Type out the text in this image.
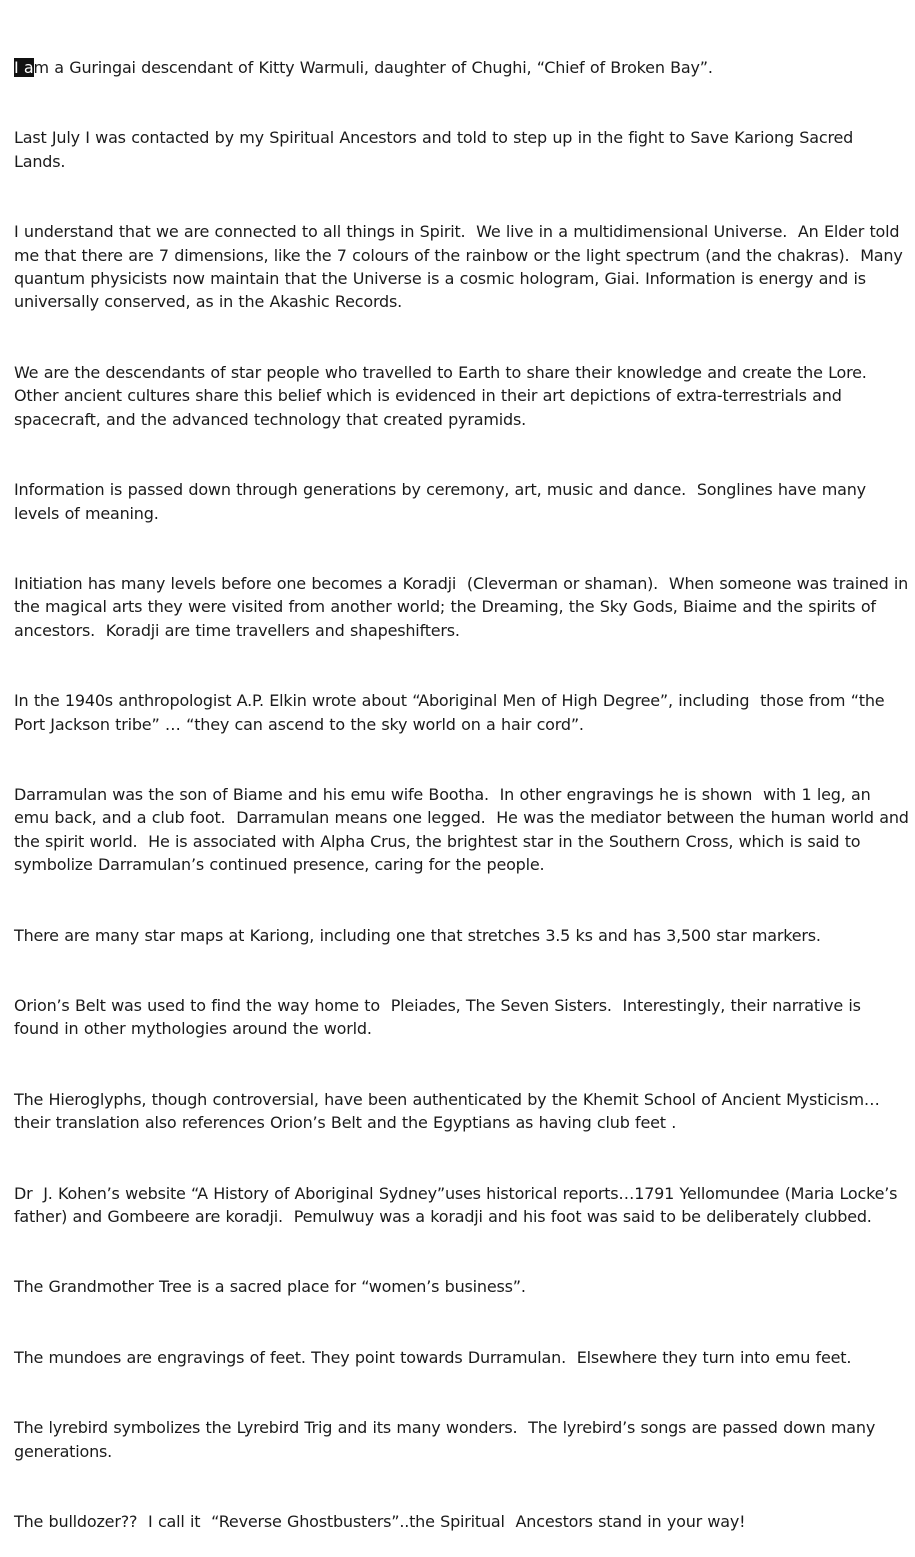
I am a Guringai descendant of Kitty Warmuli, daughter of Chughi, “Chief of Broken Bay”.

Last July I was contacted by my Spiritual Ancestors and told to step up in the fight to Save Kariong Sacred Lands.

I understand that we are connected to all things in Spirit.  We live in a multidimensional Universe.  An Elder told me that there are 7 dimensions, like the 7 colours of the rainbow or the light spectrum (and the chakras).  Many quantum physicists now maintain that the Universe is a cosmic hologram, Giai. Information is energy and is universally conserved, as in the Akashic Records.

We are the descendants of star people who travelled to Earth to share their knowledge and create the Lore. Other ancient cultures share this belief which is evidenced in their art depictions of extra-terrestrials and spacecraft, and the advanced technology that created pyramids.

Information is passed down through generations by ceremony, art, music and dance.  Songlines have many levels of meaning.

Initiation has many levels before one becomes a Koradji  (Cleverman or shaman).  When someone was trained in the magical arts they were visited from another world; the Dreaming, the Sky Gods, Biaime and the spirits of ancestors.  Koradji are time travellers and shapeshifters.

In the 1940s anthropologist A.P. Elkin wrote about “Aboriginal Men of High Degree”, including  those from “the Port Jackson tribe” … “they can ascend to the sky world on a hair cord”.

Darramulan was the son of Biame and his emu wife Bootha.  In other engravings he is shown  with 1 leg, an emu back, and a club foot.  Darramulan means one legged.  He was the mediator between the human world and the spirit world.  He is associated with Alpha Crus, the brightest star in the Southern Cross, which is said to symbolize Darramulan’s continued presence, caring for the people.

There are many star maps at Kariong, including one that stretches 3.5 ks and has 3,500 star markers.

Orion’s Belt was used to find the way home to  Pleiades, The Seven Sisters.  Interestingly, their narrative is found in other mythologies around the world.

The Hieroglyphs, though controversial, have been authenticated by the Khemit School of Ancient Mysticism…their translation also references Orion’s Belt and the Egyptians as having club feet .

Dr  J. Kohen’s website “A History of Aboriginal Sydney”uses historical reports…1791 Yellomundee (Maria Locke’s father) and Gombeere are koradji.  Pemulwuy was a koradji and his foot was said to be deliberately clubbed.

The Grandmother Tree is a sacred place for “women’s business”.

The mundoes are engravings of feet. They point towards Durramulan.  Elsewhere they turn into emu feet.

The lyrebird symbolizes the Lyrebird Trig and its many wonders.  The lyrebird’s songs are passed down many generations.

The bulldozer??  I call it  “Reverse Ghostbusters”..the Spiritual  Ancestors stand in your way!
